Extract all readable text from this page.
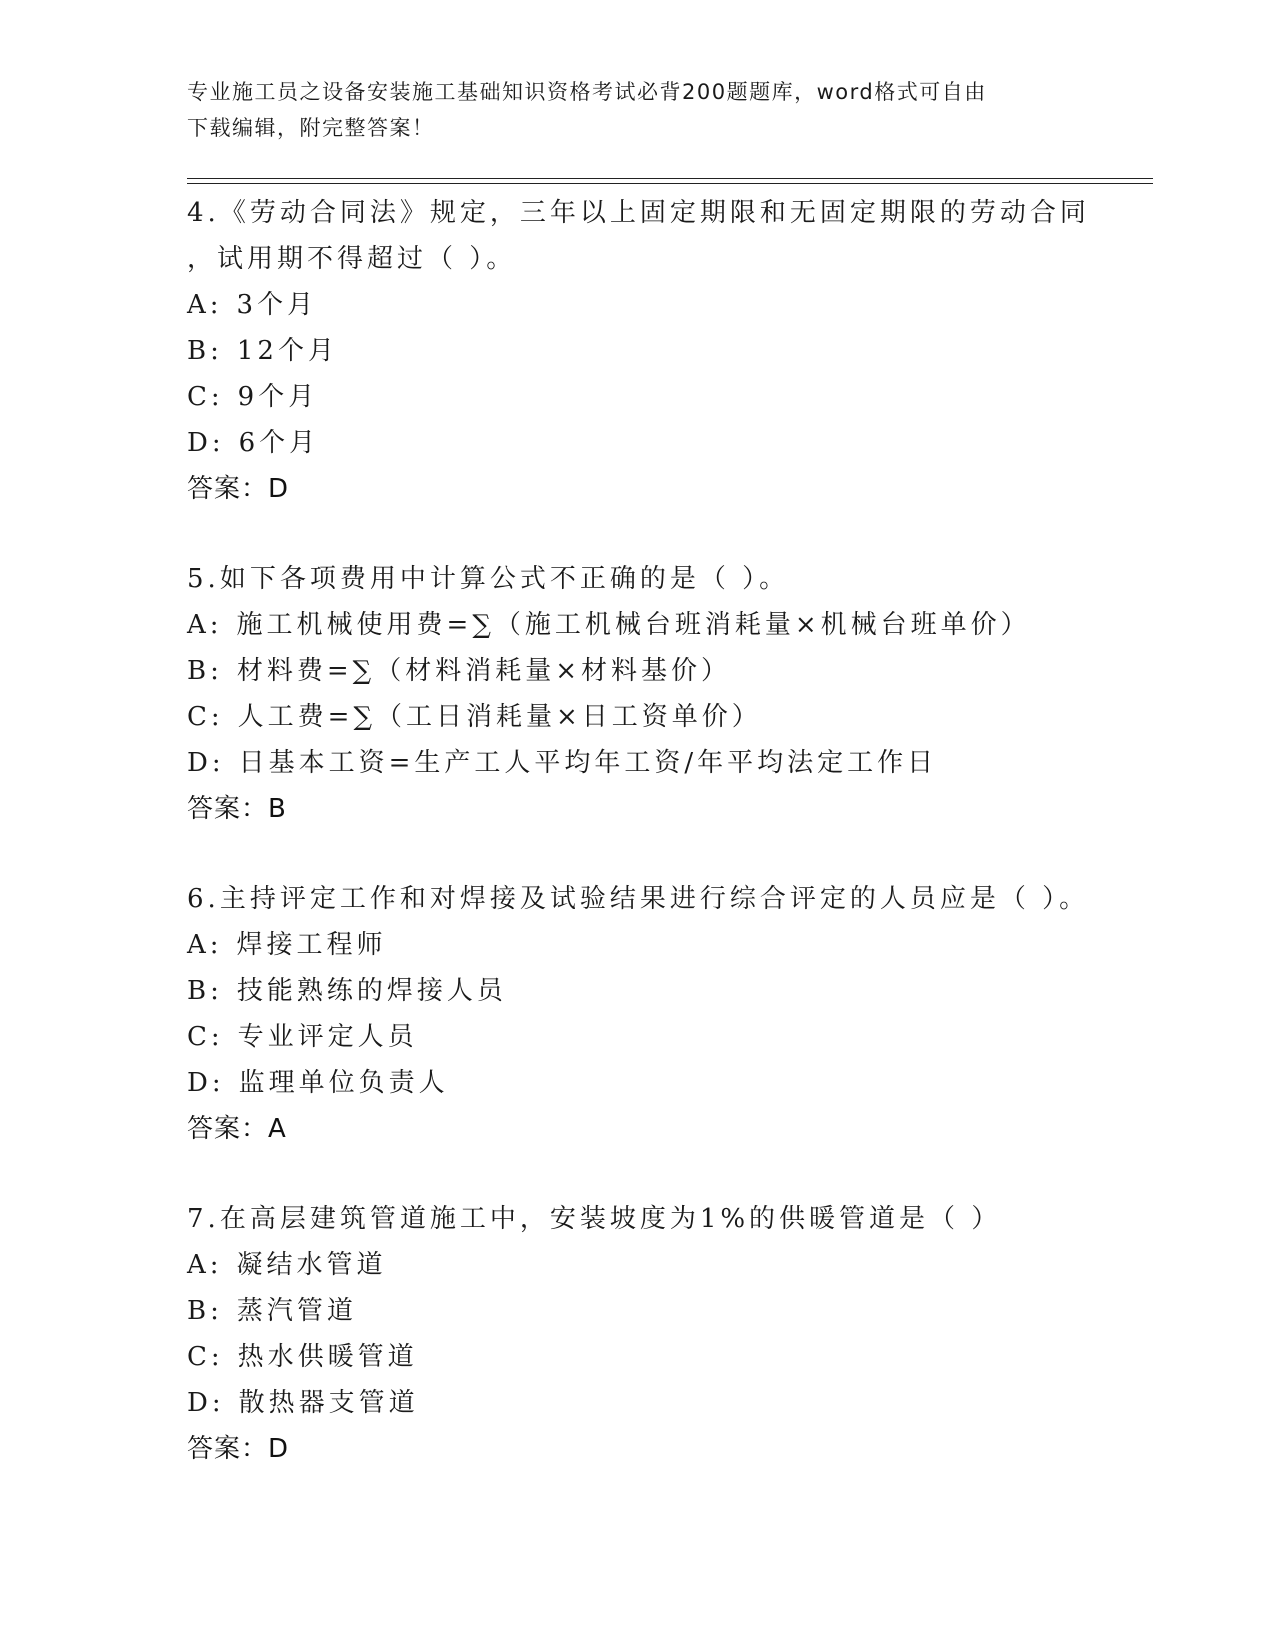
专业施工员之设备安装施工基础知识资格考试必背200题题库，word格式可自由
下载编辑，附完整答案！
4 . 《劳动合同法》规定，三年以上固定期限和无固定期限的劳动合同
，试用期不得超过（ ）。
A : 3个月
B : 12个月
C : 9个月
D : 6个月
答案：D
5 . 如下各项费用中计算公式不正确的是（ ）。
A : 施工机械使用费=∑（施工机械台班消耗量×机械台班单价）
B : 材料费=∑（材料消耗量×材料基价）
C : 人工费=∑（工日消耗量×日工资单价）
D : 日基本工资=生产工人平均年工资/年平均法定工作日
答案：B
6 . 主持评定工作和对焊接及试验结果进行综合评定的人员应是（ ）。
A : 焊接工程师
B : 技能熟练的焊接人员
C : 专业评定人员
D : 监理单位负责人
答案：A
7 . 在高层建筑管道施工中，安装坡度为1%的供暖管道是（ ）
A : 凝结水管道
B : 蒸汽管道
C : 热水供暖管道
D : 散热器支管道
答案：D
